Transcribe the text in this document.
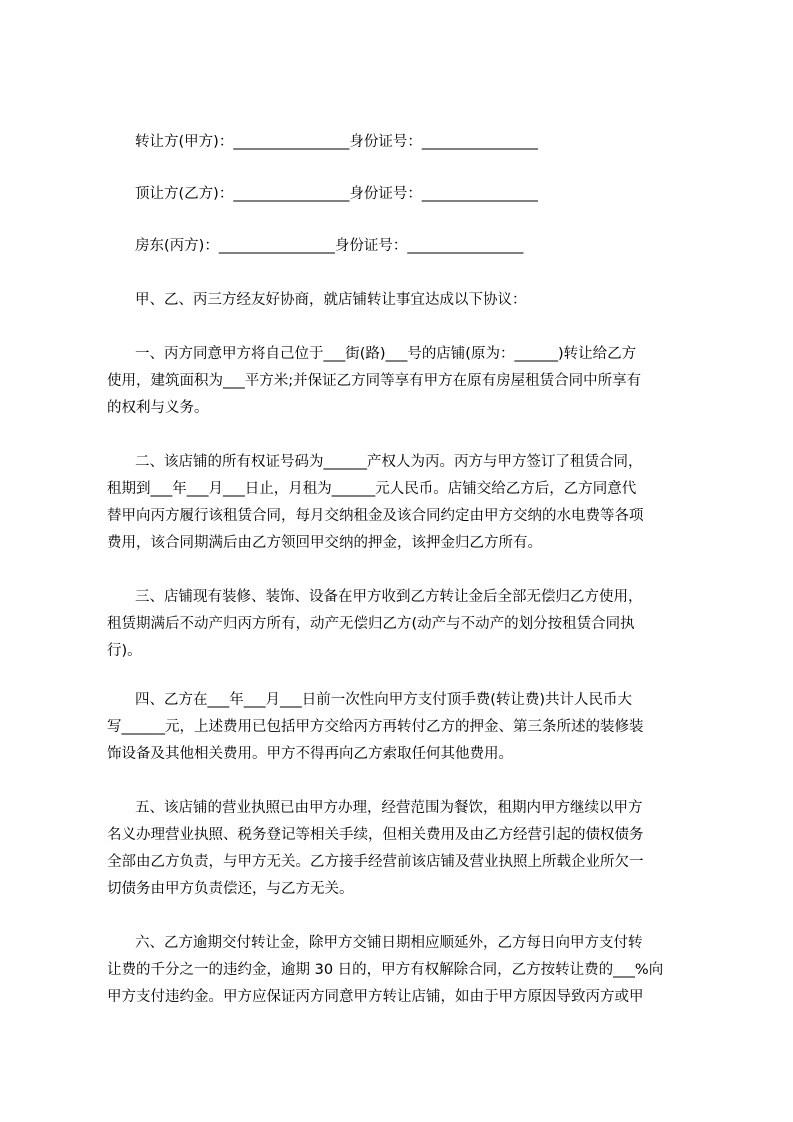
转让方(甲方)：________________身份证号：________________
顶让方(乙方)：________________身份证号：________________
房东(丙方)：________________身份证号：________________
甲、乙、丙三方经友好协商，就店铺转让事宜达成以下协议：
一、丙方同意甲方将自己位于___街(路)___号的店铺(原为：______)转让给乙方
使用，建筑面积为___平方米;并保证乙方同等享有甲方在原有房屋租赁合同中所享有
的权利与义务。
二、该店铺的所有权证号码为______产权人为丙。丙方与甲方签订了租赁合同，
租期到___年___月___日止，月租为______元人民币。店铺交给乙方后，乙方同意代
替甲向丙方履行该租赁合同，每月交纳租金及该合同约定由甲方交纳的水电费等各项
费用，该合同期满后由乙方领回甲交纳的押金，该押金归乙方所有。
三、店铺现有装修、装饰、设备在甲方收到乙方转让金后全部无偿归乙方使用，
租赁期满后不动产归丙方所有，动产无偿归乙方(动产与不动产的划分按租赁合同执
行)。
四、乙方在___年___月___日前一次性向甲方支付顶手费(转让费)共计人民币大
写______元，上述费用已包括甲方交给丙方再转付乙方的押金、第三条所述的装修装
饰设备及其他相关费用。甲方不得再向乙方索取任何其他费用。
五、该店铺的营业执照已由甲方办理，经营范围为餐饮，租期内甲方继续以甲方
名义办理营业执照、税务登记等相关手续，但相关费用及由乙方经营引起的债权债务
全部由乙方负责，与甲方无关。乙方接手经营前该店铺及营业执照上所载企业所欠一
切债务由甲方负责偿还，与乙方无关。
六、乙方逾期交付转让金，除甲方交铺日期相应顺延外，乙方每日向甲方支付转
让费的千分之一的违约金，逾期 30 日的，甲方有权解除合同，乙方按转让费的___%向
甲方支付违约金。甲方应保证丙方同意甲方转让店铺，如由于甲方原因导致丙方或甲
